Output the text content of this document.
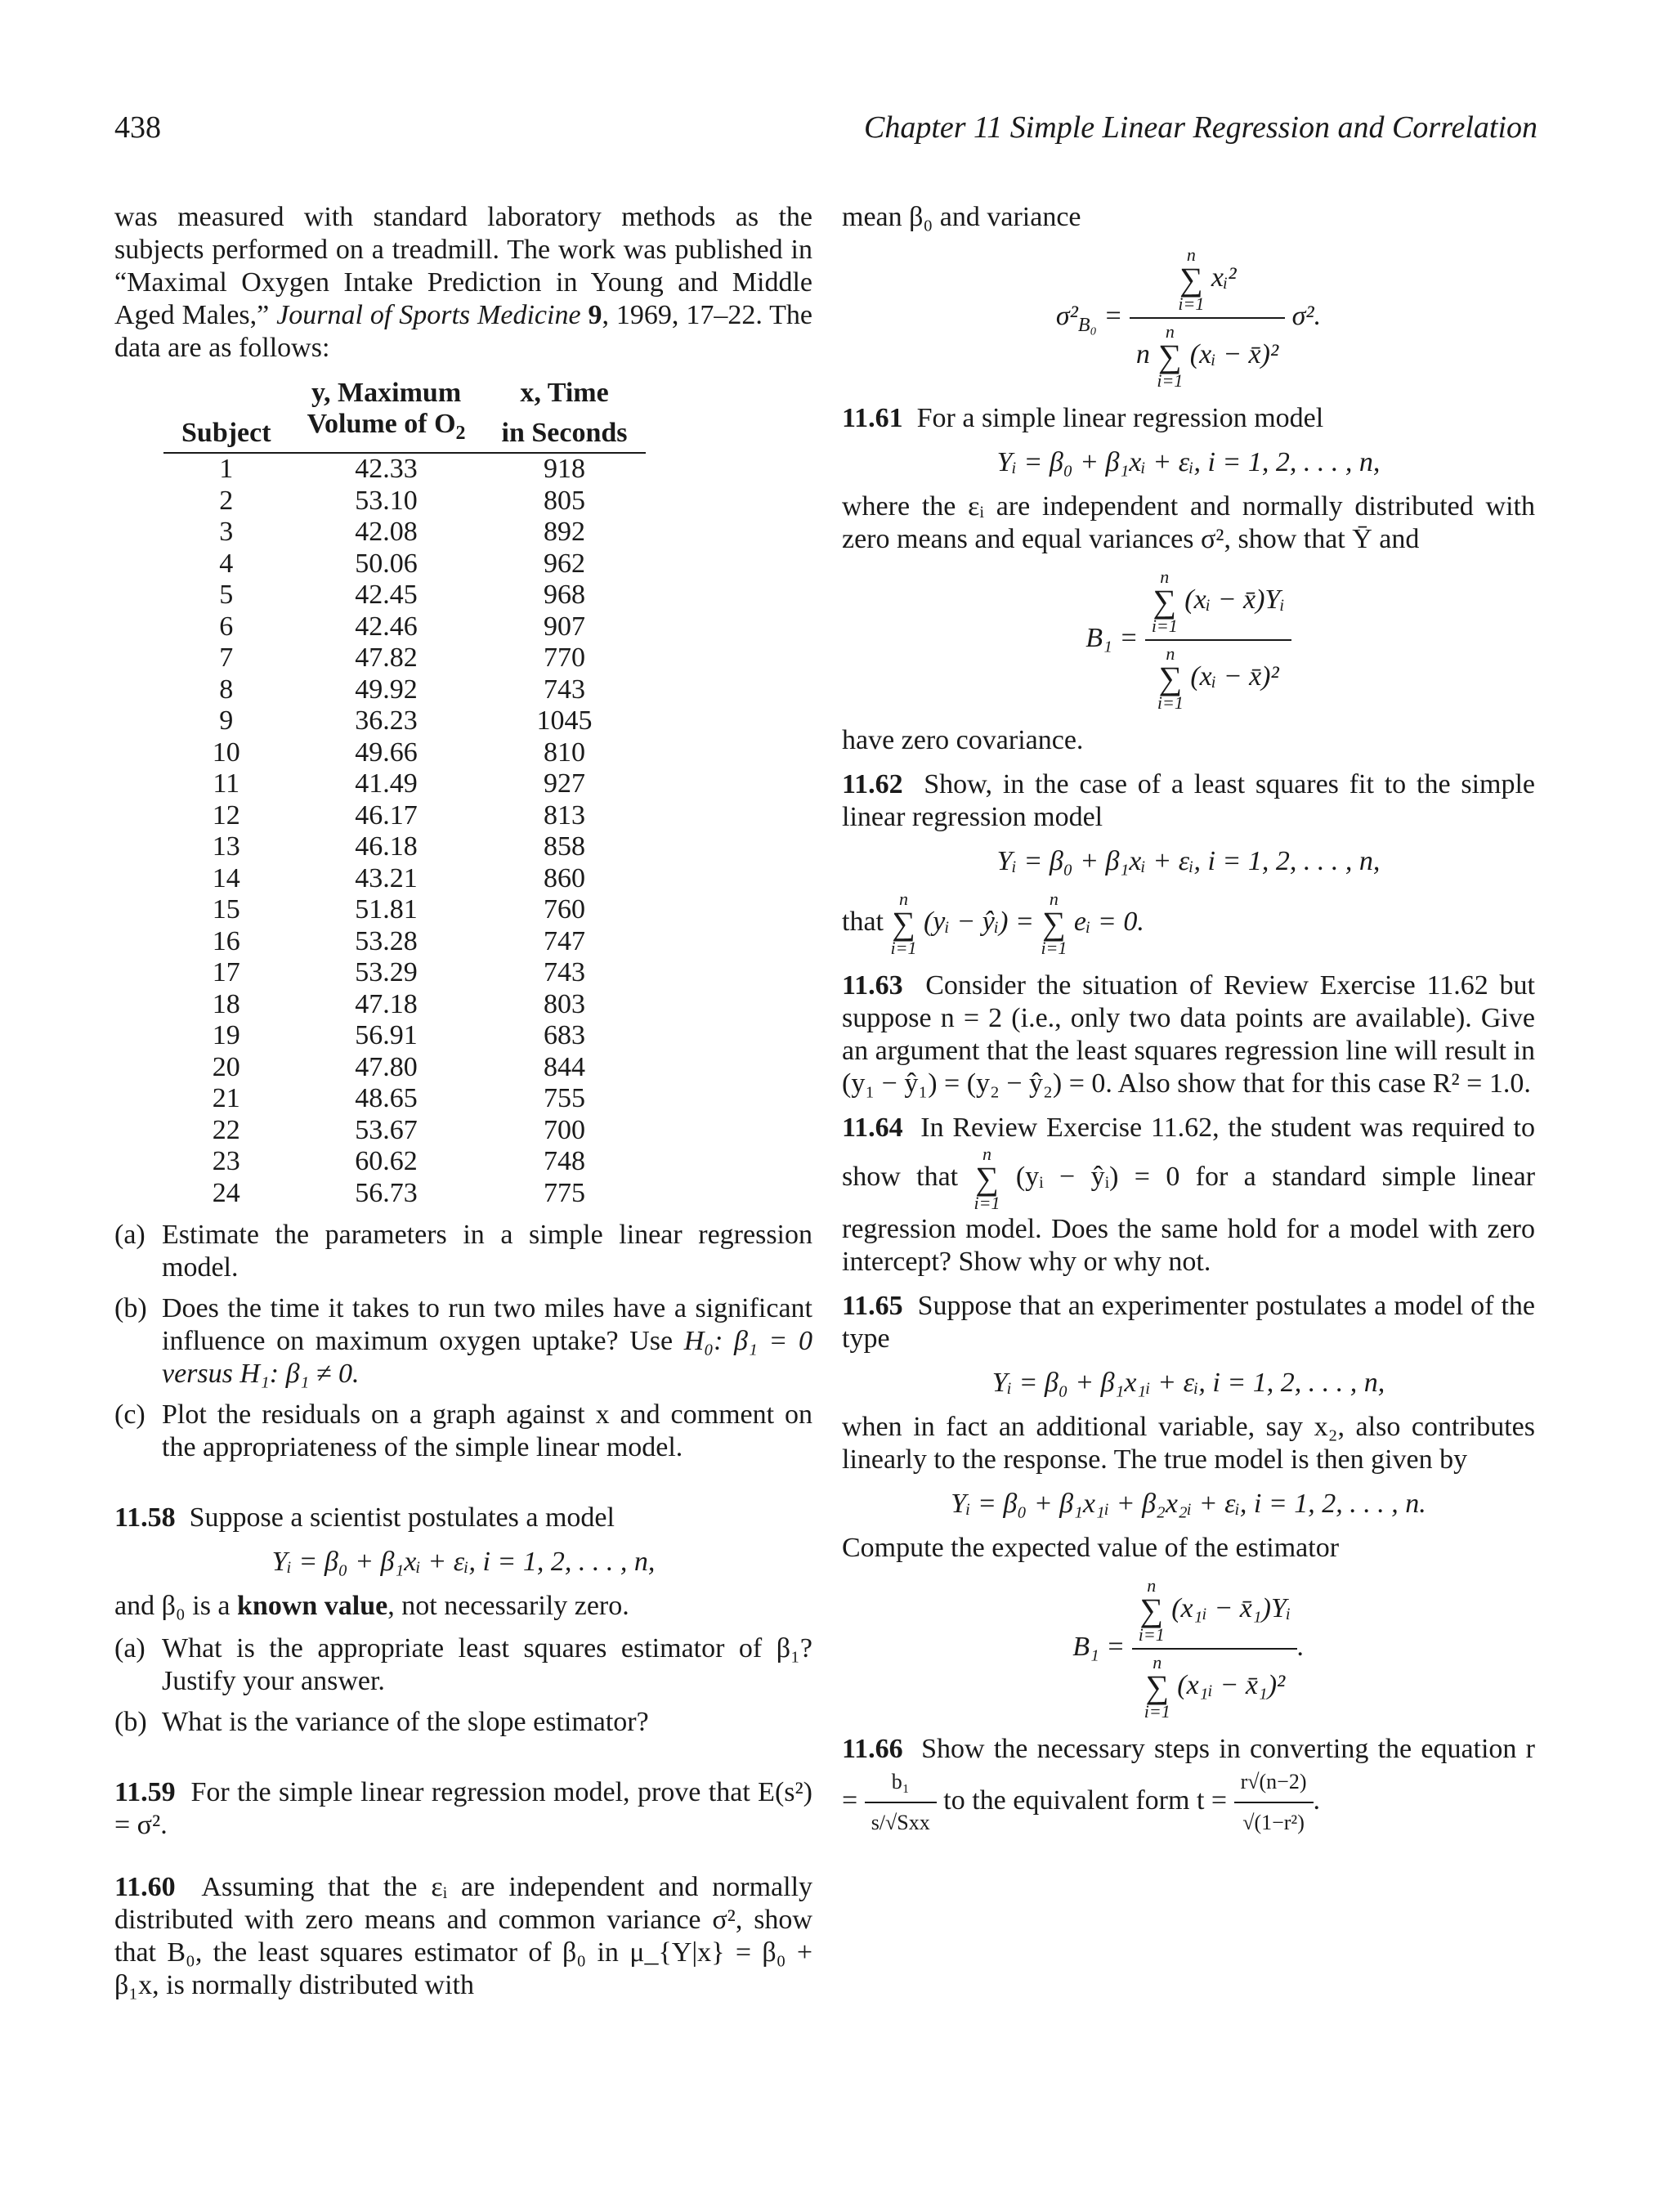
438	Chapter 11 Simple Linear Regression and Correlation

was measured with standard laboratory methods as the subjects performed on a treadmill. The work was published in “Maximal Oxygen Intake Prediction in Young and Middle Aged Males,” Journal of Sports Medicine 9, 1969, 17–22. The data are as follows:

	y, Maximum	x, Time
Subject	Volume of $O_2$	in Seconds
1	42.33	918
2	53.10	805
3	42.08	892
4	50.06	962
5	42.45	968
6	42.46	907
7	47.82	770
8	49.92	743
9	36.23	1045
10	49.66	810
11	41.49	927
12	46.17	813
13	46.18	858
14	43.21	860
15	51.81	760
16	53.28	747
17	53.29	743
18	47.18	803
19	56.91	683
20	47.80	844
21	48.65	755
22	53.67	700
23	60.62	748
24	56.73	775
(a) Estimate the parameters in a simple linear regression model.
(b) Does the time it takes to run two miles have a significant influence on maximum oxygen uptake? Use H₀: β₁ = 0 versus H₁: β₁ ≠ 0.
(c) Plot the residuals on a graph against x and comment on the appropriateness of the simple linear model.

11.58 Suppose a scientist postulates a model

Yᵢ = β₀ + β₁xᵢ + εᵢ, i = 1, 2, . . . , n,

and β₀ is a known value, not necessarily zero.

(a) What is the appropriate least squares estimator of β₁? Justify your answer.
(b) What is the variance of the slope estimator?

11.59 For the simple linear regression model, prove that E(s²) = σ².

11.60 Assuming that the εᵢ are independent and normally distributed with zero means and common variance σ², show that B₀, the least squares estimator of β₀ in μ_{Y|x} = β₀ + β₁x, is normally distributed with

mean β₀ and variance

$\sigma^2_{B_0} = n$
∑
i=1
xᵢ²
n
n
∑
i=1
(xᵢ − x̄)² σ².

11.61 For a simple linear regression model

Yᵢ = β₀ + β₁xᵢ + εᵢ, i = 1, 2, . . . , n,

where the εᵢ are independent and normally distributed with zero means and equal variances σ², show that Ȳ and

B₁ = n
∑
i=1
(xᵢ − x̄)Yᵢ
n
∑
i=1
(xᵢ − x̄)²

have zero covariance.

11.62 Show, in the case of a least squares fit to the simple linear regression model

Yᵢ = β₀ + β₁xᵢ + εᵢ, i = 1, 2, . . . , n,

that
n
∑
i=1
(yᵢ − ŷᵢ) =
n
∑
i=1
eᵢ = 0.

11.63 Consider the situation of Review Exercise 11.62 but suppose n = 2 (i.e., only two data points are available). Give an argument that the least squares regression line will result in (y₁ − ŷ₁) = (y₂ − ŷ₂) = 0. Also show that for this case R² = 1.0.

11.64 In Review Exercise 11.62, the student was required to show that
n
∑
i=1
(yᵢ − ŷᵢ) = 0 for a standard simple linear regression model. Does the same hold for a model with zero intercept? Show why or why not.

11.65 Suppose that an experimenter postulates a model of the type

Yᵢ = β₀ + β₁x₁ᵢ + εᵢ, i = 1, 2, . . . , n,

when in fact an additional variable, say x₂, also contributes linearly to the response. The true model is then given by

Yᵢ = β₀ + β₁x₁ᵢ + β₂x₂ᵢ + εᵢ, i = 1, 2, . . . , n.

Compute the expected value of the estimator

B₁ = n
∑
i=1
(x₁ᵢ − x̄₁)Yᵢ
n
∑
i=1
(x₁ᵢ − x̄₁)² .

11.66 Show the necessary steps in converting the equation $r = \frac{\text{b₁}}{\text{s/√Sxx}}$ to the equivalent form $t = \frac{r√(n-2)}{\text{√(1−r²)}}$ .
